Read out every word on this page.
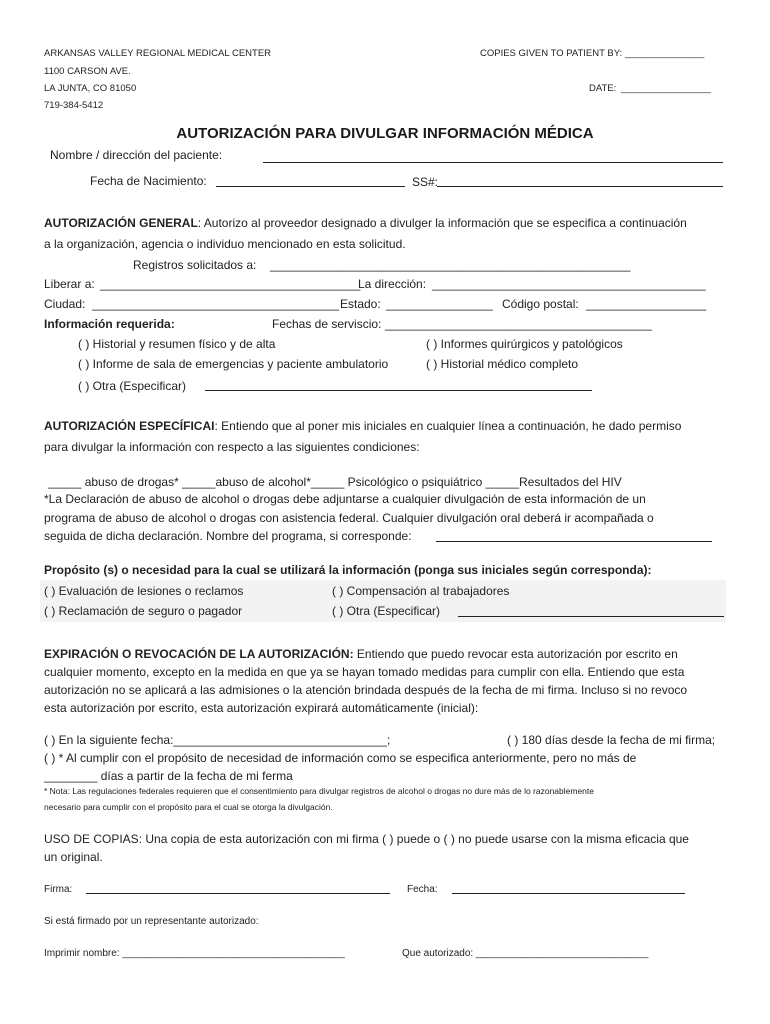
ARKANSAS VALLEY REGIONAL MEDICAL CENTER
1100 CARSON AVE.
LA JUNTA, CO 81050
719-384-5412
COPIES GIVEN TO PATIENT BY: _______________
DATE: _________________
AUTORIZACIÓN PARA DIVULGAR INFORMACIÓN MÉDICA
Nombre / dirección del paciente:
Fecha de Nacimiento:	SS#:
AUTORIZACIÓN GENERAL: Autorizo al proveedor designado a divulger la información que se especifica a continuación
a la organización, agencia o individuo mencionado en esta solicitud.
Registros solicitados a: ______________________________________________________
Liberar a: _______________________________________
La dirección: _________________________________________
Ciudad: _____________________________________ Estado: ________________ Código postal: __________________
Información requerida:	Fechas de serviscio: ________________________________________
( ) Historial y resumen físico y de alta	( ) Informes quirúrgicos y patológicos
( ) Informe de sala de emergencias y paciente ambulatorio	( ) Historial médico completo
( ) Otra (Especificar)
AUTORIZACIÓN ESPECÍFICAI: Entiendo que al poner mis iniciales en cualquier línea a continuación, he dado permiso
para divulgar la información con respecto a las siguientes condiciones:
_____ abuso de drogas* _____abuso de alcohol*_____ Psicológico o psiquiátrico _____Resultados del HIV
*La Declaración de abuso de alcohol o drogas debe adjuntarse a cualquier divulgación de esta información de un
programa de abuso de alcohol o drogas con asistencia federal. Cualquier divulgación oral deberá ir acompañada o
seguida de dicha declaración. Nombre del programa, si corresponde:
Propósito (s) o necesidad para la cual se utilizará la información (ponga sus iniciales según corresponda):
( ) Evaluación de lesiones o reclamos	( ) Compensación al trabajadores
( ) Reclamación de seguro o pagador	( ) Otra (Especificar)
EXPIRACIÓN O REVOCACIÓN DE LA AUTORIZACIÓN: Entiendo que puedo revocar esta autorización por escrito en
cualquier momento, excepto en la medida en que ya se hayan tomado medidas para cumplir con ella. Entiendo que esta
autorización no se aplicará a las admisiones o la atención brindada después de la fecha de mi firma. Incluso si no revoco
esta autorización por escrito, esta autorización expirará automáticamente (inicial):
( ) En la siguiente fecha:________________________________;	( ) 180 días desde la fecha de mi firma;
( ) * Al cumplir con el propósito de necesidad de información como se especifica anteriormente, pero no más de
________ días a partir de la fecha de mi ferma
* Nota: Las regulaciones federales requieren que el consentimiento para divulgar registros de alcohol o drogas no dure más de lo razonablemente
necesario para cumplir con el propósito para el cual se otorga la divulgación.
USO DE COPIAS: Una copia de esta autorización con mi firma ( ) puede o ( ) no puede usarse con la misma eficacia que
un original.
Firma:	Fecha:
Si está firmado por un representante autorizado:
Imprimir nombre: ________________________________________	Que autorizado: _______________________________
